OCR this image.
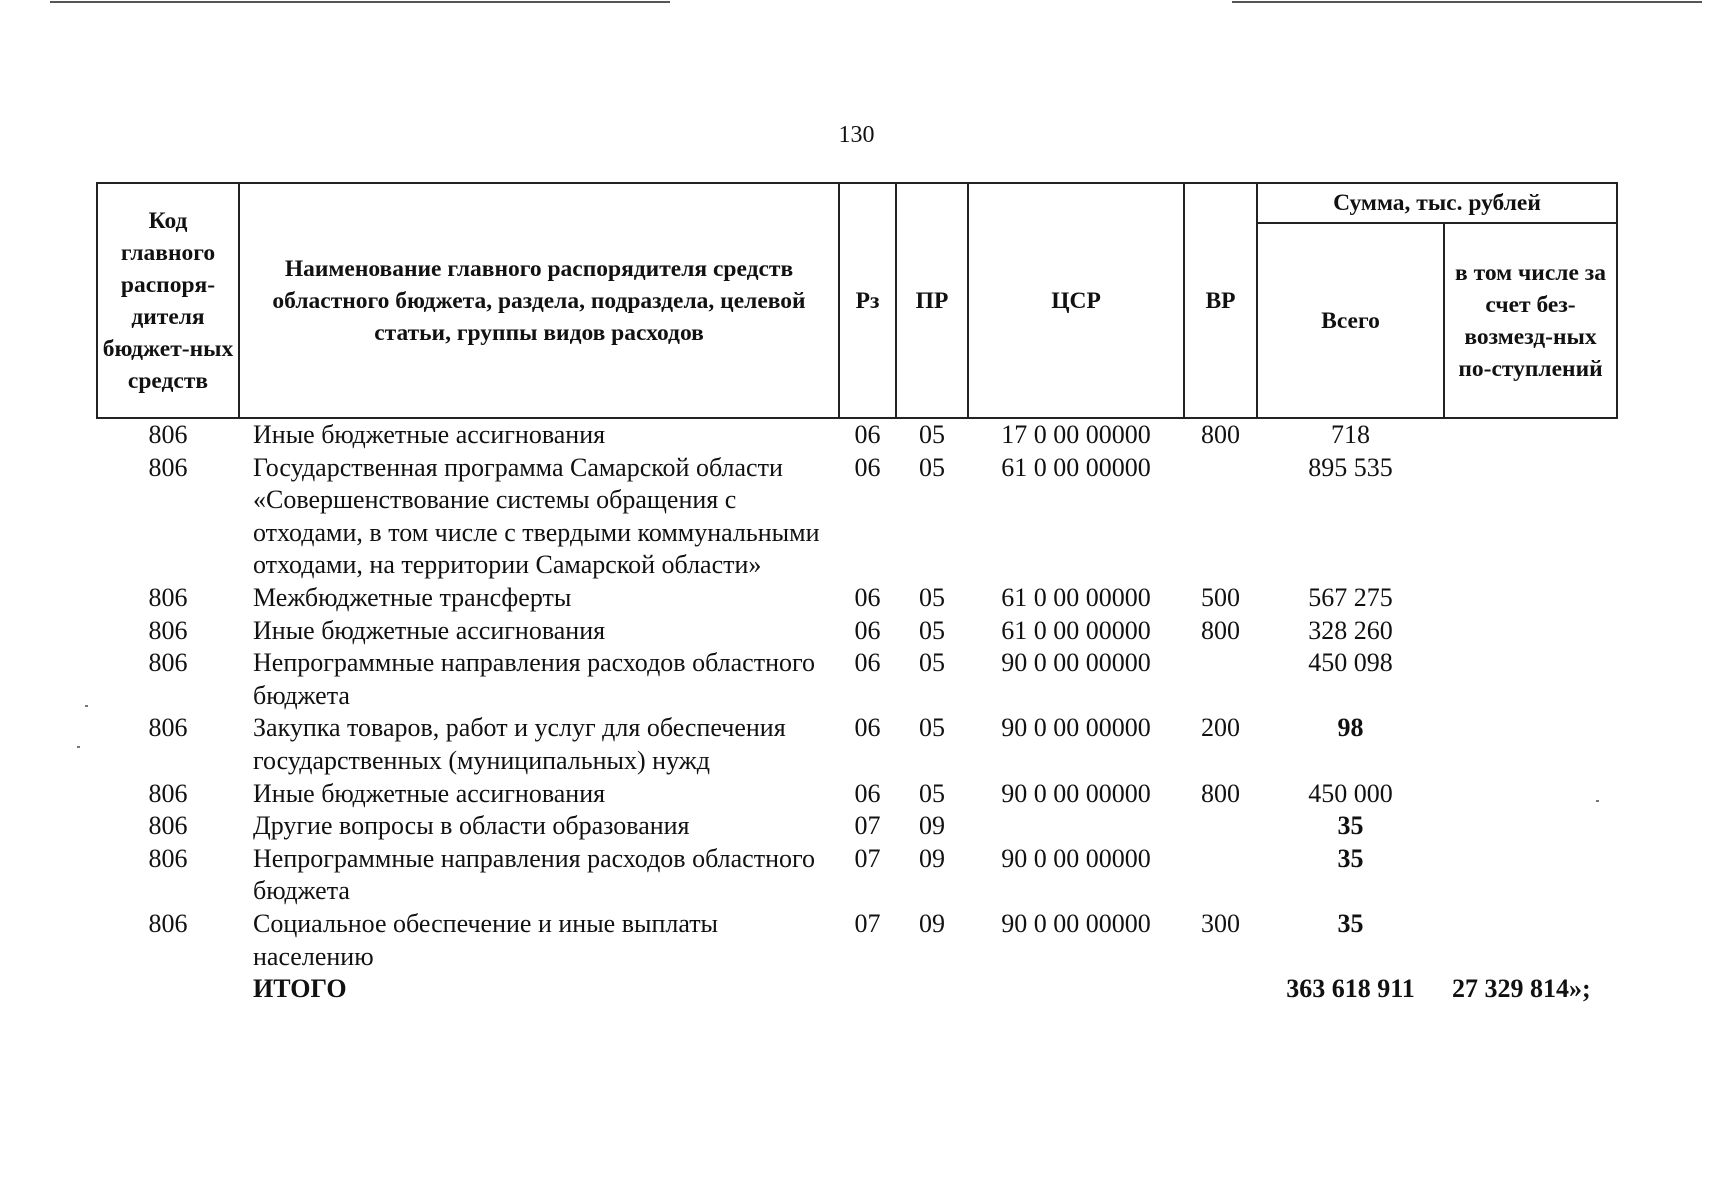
130
Код главного распоря-дителя бюджет-ных средств	Наименование главного распорядителя средств областного бюджета, раздела, подраздела, целевой статьи, группы видов расходов	Рз	ПР	ЦСР	ВР	Сумма, тыс. рублей	
						Всего	в том числе за счет без-возмезд-ных по-ступлений
806	Иные бюджетные ассигнования	06	05	17 0 00 00000	800	718	
806	Государственная программа Самарской области «Совершенствование системы обращения с отходами, в том числе с твердыми коммунальными отходами, на территории Самарской области»	06	05	61 0 00 00000		895 535	
806	Межбюджетные трансферты	06	05	61 0 00 00000	500	567 275	
806	Иные бюджетные ассигнования	06	05	61 0 00 00000	800	328 260	
806	Непрограммные направления расходов областного бюджета	06	05	90 0 00 00000		450 098	
806	Закупка товаров, работ и услуг для обеспечения государственных (муниципальных) нужд	06	05	90 0 00 00000	200	98	
806	Иные бюджетные ассигнования	06	05	90 0 00 00000	800	450 000	
806	Другие вопросы в области образования	07	09			35	
806	Непрограммные направления расходов областного бюджета	07	09	90 0 00 00000		35	
806	Социальное обеспечение и иные выплаты населению	07	09	90 0 00 00000	300	35	
	ИТОГО					363 618 911	27 329 814»;
